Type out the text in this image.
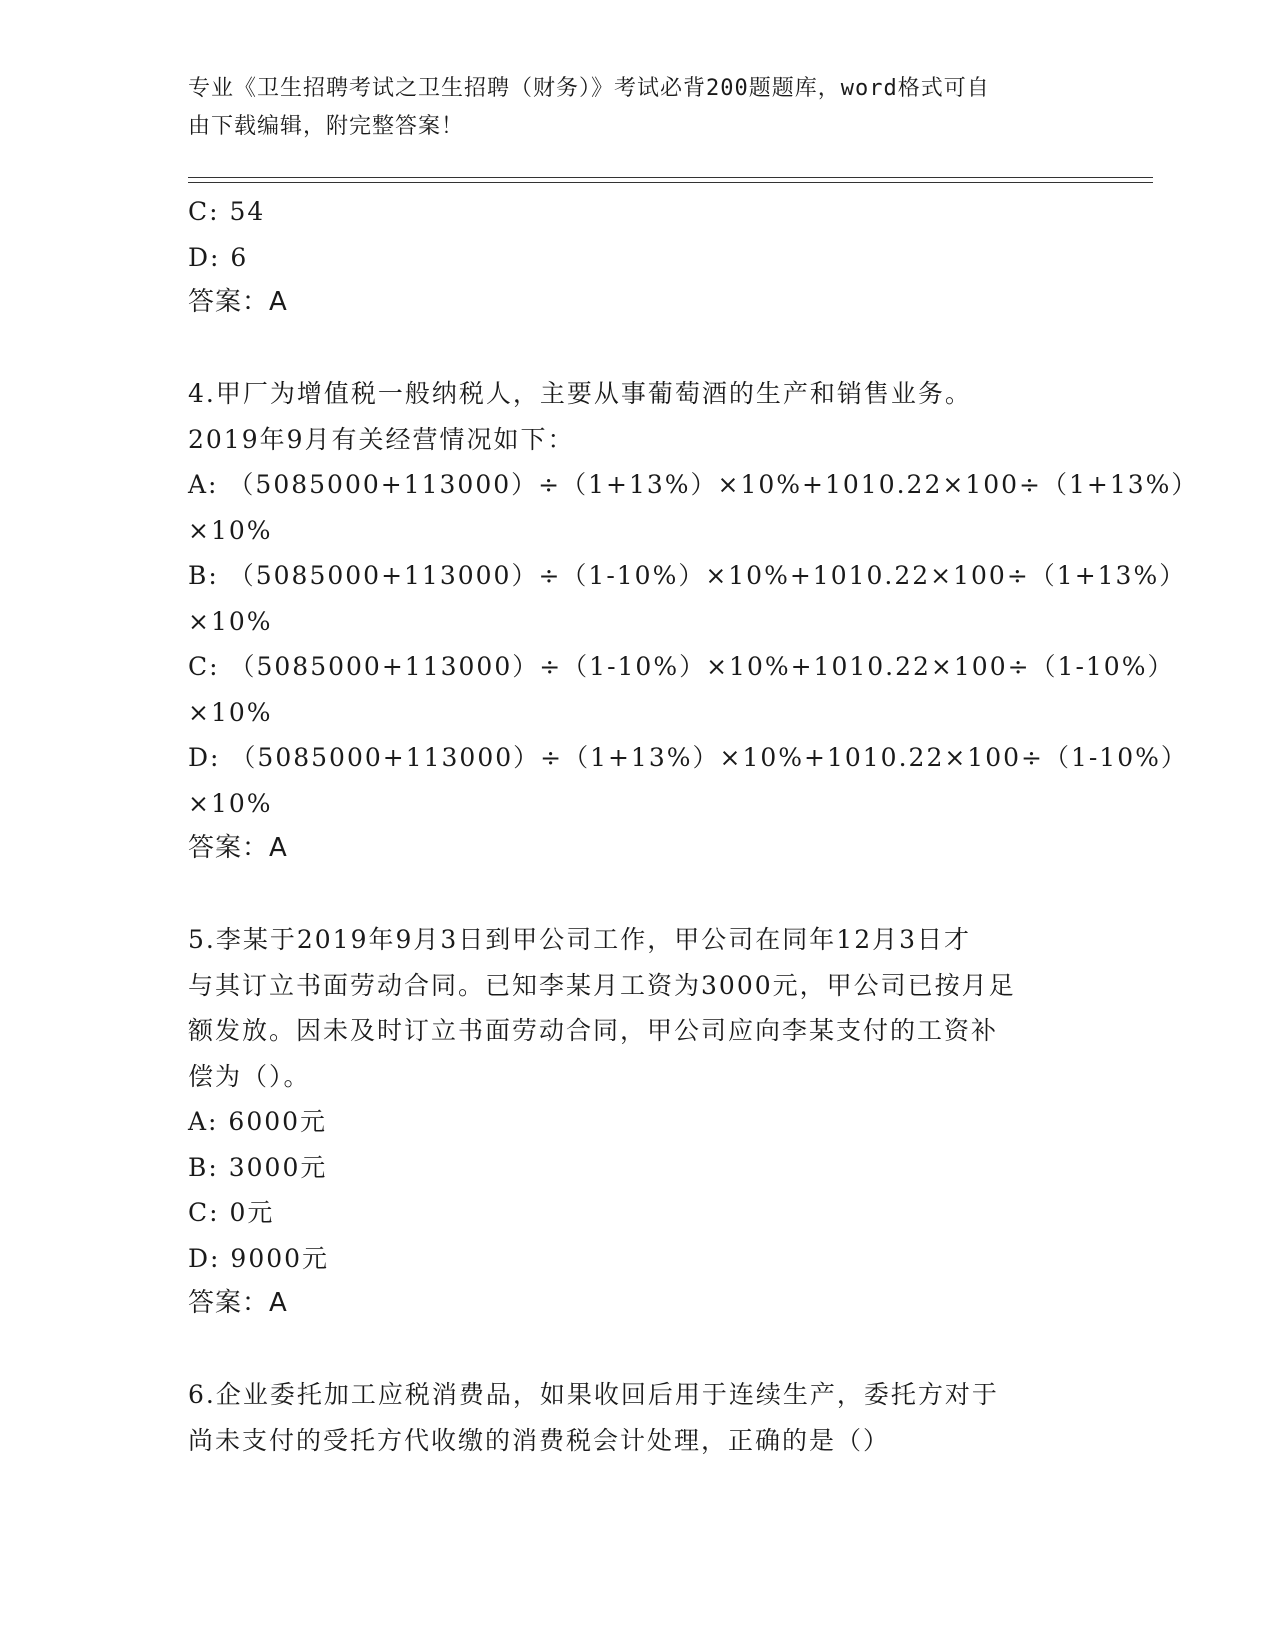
专业《卫生招聘考试之卫生招聘（财务）》考试必背200题题库，word格式可自
由下载编辑，附完整答案！
C: 54
D: 6
答案：A
4.甲厂为增值税一般纳税人，主要从事葡萄酒的生产和销售业务。
2019年9月有关经营情况如下：
A: （5085000+113000）÷（1+13%）×10%+1010.22×100÷（1+13%）
×10%
B: （5085000+113000）÷（1-10%）×10%+1010.22×100÷（1+13%）
×10%
C: （5085000+113000）÷（1-10%）×10%+1010.22×100÷（1-10%）
×10%
D: （5085000+113000）÷（1+13%）×10%+1010.22×100÷（1-10%）
×10%
答案：A
5.李某于2019年9月3日到甲公司工作，甲公司在同年12月3日才
与其订立书面劳动合同。已知李某月工资为3000元，甲公司已按月足
额发放。因未及时订立书面劳动合同，甲公司应向李某支付的工资补
偿为（）。
A: 6000元
B: 3000元
C: 0元
D: 9000元
答案：A
6.企业委托加工应税消费品，如果收回后用于连续生产，委托方对于
尚未支付的受托方代收缴的消费税会计处理，正确的是（）
